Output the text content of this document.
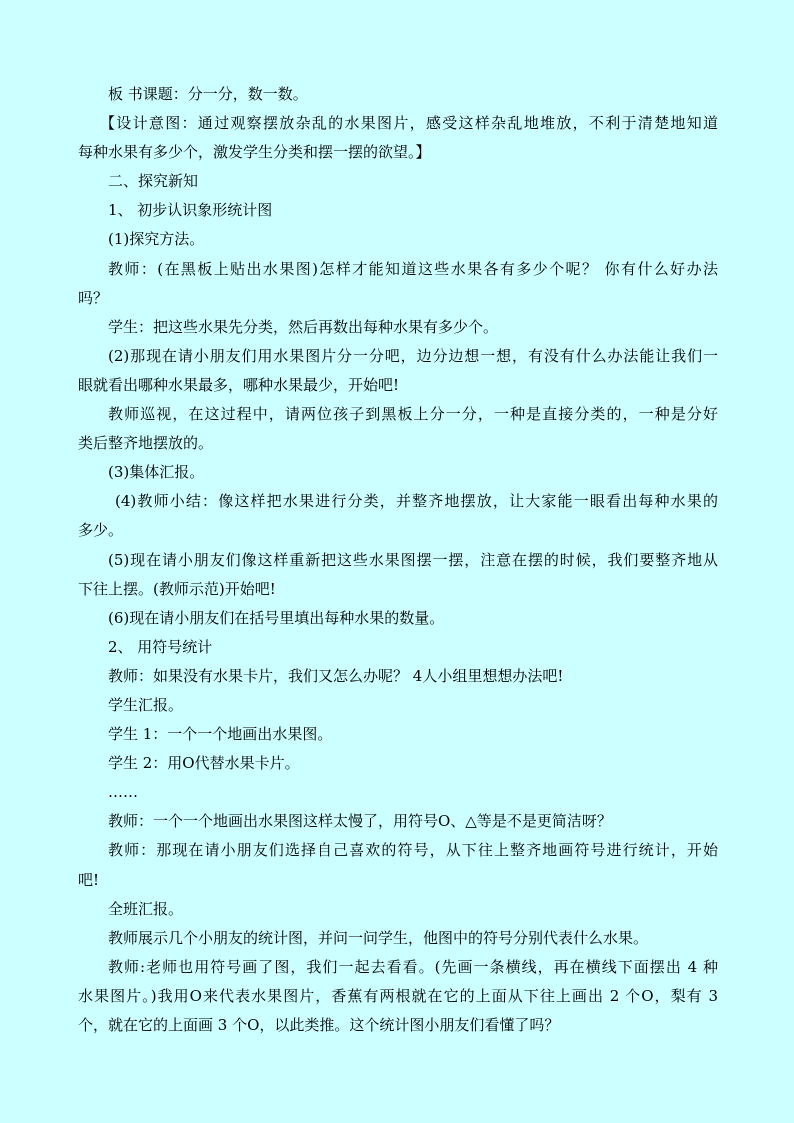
板 书课题：分一分，数一数。
【设计意图：通过观察摆放杂乱的水果图片，感受这样杂乱地堆放，不利于清楚地知道
每种水果有多少个，激发学生分类和摆一摆的欲望。】
二、探究新知
1、 初步认识象形统计图
(1)探究方法。
教师：(在黑板上贴出水果图)怎样才能知道这些水果各有多少个呢？ 你有什么好办法
吗？
学生：把这些水果先分类，然后再数出每种水果有多少个。
(2)那现在请小朋友们用水果图片分一分吧，边分边想一想，有没有什么办法能让我们一
眼就看出哪种水果最多，哪种水果最少，开始吧!
教师巡视，在这过程中，请两位孩子到黑板上分一分，一种是直接分类的，一种是分好
类后整齐地摆放的。
(3)集体汇报。
(4)教师小结：像这样把水果进行分类，并整齐地摆放，让大家能一眼看出每种水果的
多少。
(5)现在请小朋友们像这样重新把这些水果图摆一摆，注意在摆的时候，我们要整齐地从
下往上摆。(教师示范)开始吧!
(6)现在请小朋友们在括号里填出每种水果的数量。
2、 用符号统计
教师：如果没有水果卡片，我们又怎么办呢？ 4人小组里想想办法吧!
学生汇报。
学生 1：一个一个地画出水果图。
学生 2：用O代替水果卡片。
……
教师：一个一个地画出水果图这样太慢了，用符号O、△等是不是更简洁呀？
教师：那现在请小朋友们选择自己喜欢的符号，从下往上整齐地画符号进行统计，开始
吧!
全班汇报。
教师展示几个小朋友的统计图，并问一问学生，他图中的符号分别代表什么水果。
教师:老师也用符号画了图，我们一起去看看。(先画一条横线，再在横线下面摆出 4 种
水果图片。)我用O来代表水果图片，香蕉有两根就在它的上面从下往上画出 2 个O，梨有 3
个，就在它的上面画 3 个O，以此类推。这个统计图小朋友们看懂了吗？
